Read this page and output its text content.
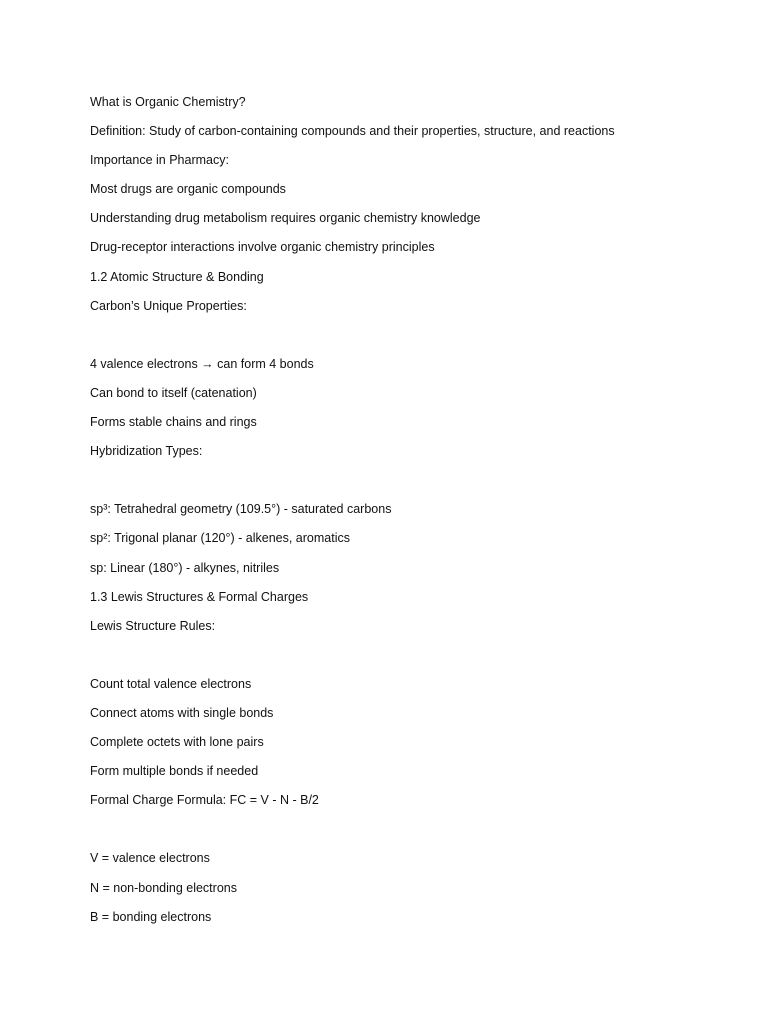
What is Organic Chemistry?
Definition: Study of carbon-containing compounds and their properties, structure, and reactions
Importance in Pharmacy:
Most drugs are organic compounds
Understanding drug metabolism requires organic chemistry knowledge
Drug-receptor interactions involve organic chemistry principles
1.2 Atomic Structure & Bonding
Carbon’s Unique Properties:
4 valence electrons → can form 4 bonds
Can bond to itself (catenation)
Forms stable chains and rings
Hybridization Types:
sp³: Tetrahedral geometry (109.5°) - saturated carbons
sp²: Trigonal planar (120°) - alkenes, aromatics
sp: Linear (180°) - alkynes, nitriles
1.3 Lewis Structures & Formal Charges
Lewis Structure Rules:
Count total valence electrons
Connect atoms with single bonds
Complete octets with lone pairs
Form multiple bonds if needed
Formal Charge Formula: FC = V - N - B/2
V = valence electrons
N = non-bonding electrons
B = bonding electrons
